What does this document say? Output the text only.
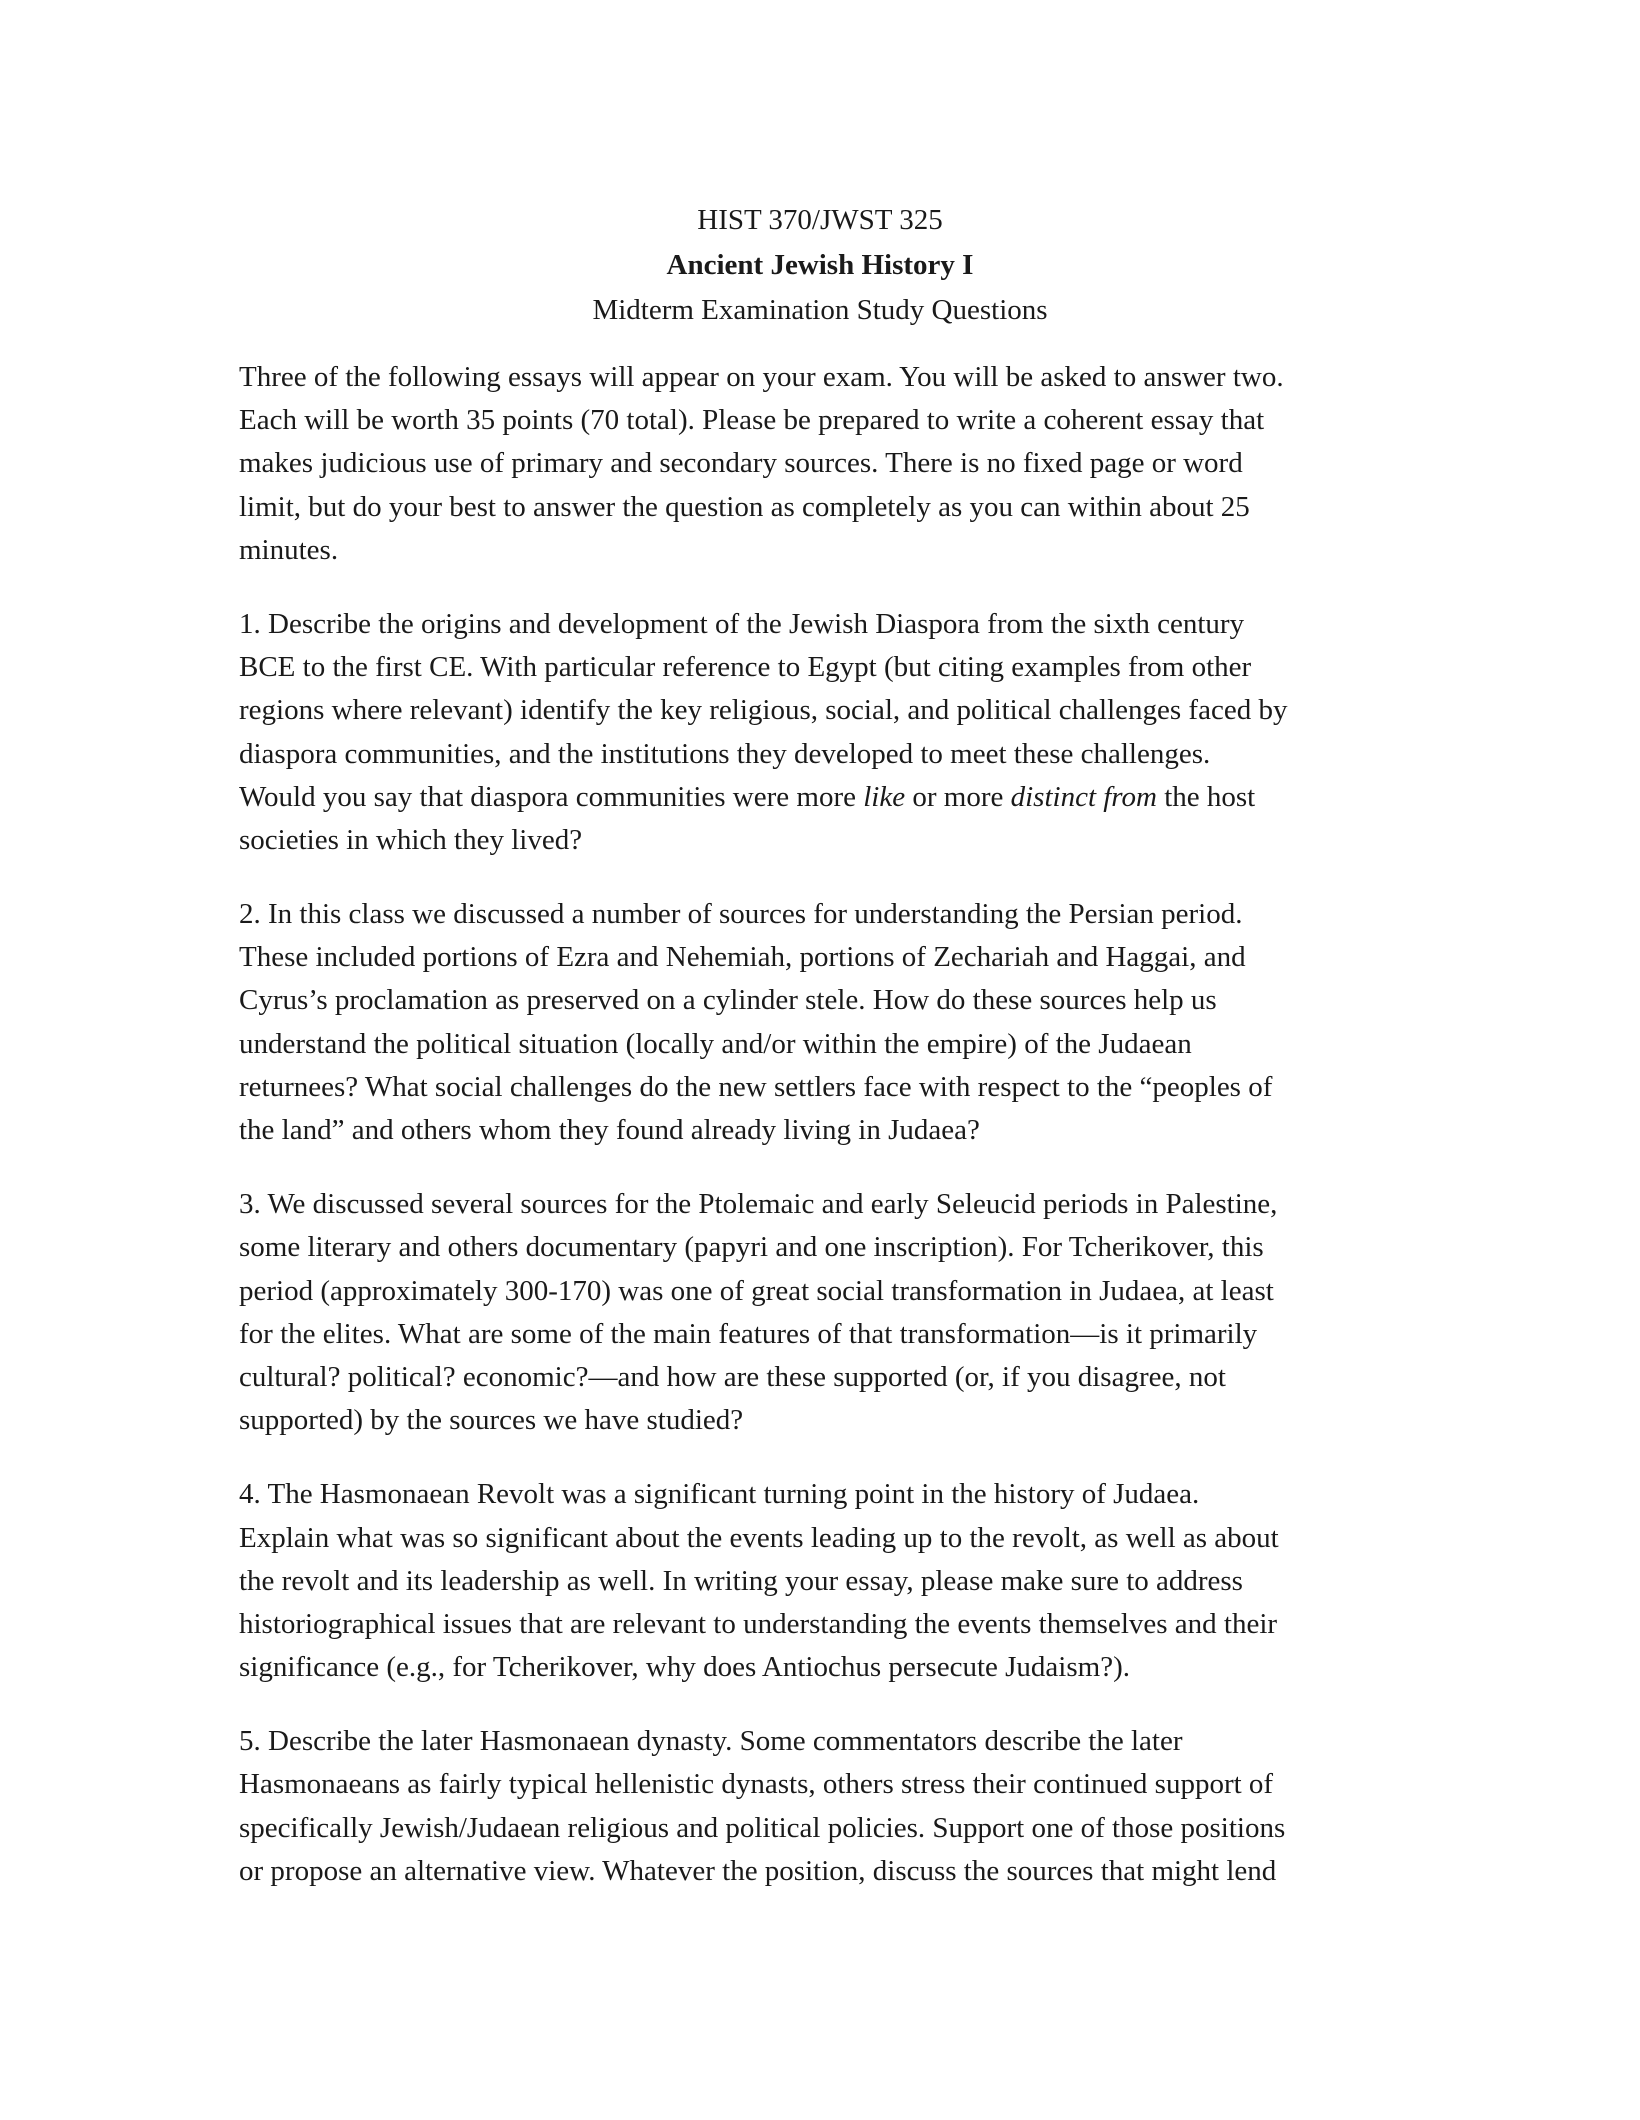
HIST 370/JWST 325
Ancient Jewish History I
Midterm Examination Study Questions
Three of the following essays will appear on your exam. You will be asked to answer two.
Each will be worth 35 points (70 total). Please be prepared to write a coherent essay that
makes judicious use of primary and secondary sources. There is no fixed page or word
limit, but do your best to answer the question as completely as you can within about 25
minutes.
1. Describe the origins and development of the Jewish Diaspora from the sixth century
BCE to the first CE. With particular reference to Egypt (but citing examples from other
regions where relevant) identify the key religious, social, and political challenges faced by
diaspora communities, and the institutions they developed to meet these challenges.
Would you say that diaspora communities were more like or more distinct from the host
societies in which they lived?
2. In this class we discussed a number of sources for understanding the Persian period.
These included portions of Ezra and Nehemiah, portions of Zechariah and Haggai, and
Cyrus’s proclamation as preserved on a cylinder stele. How do these sources help us
understand the political situation (locally and/or within the empire) of the Judaean
returnees? What social challenges do the new settlers face with respect to the “peoples of
the land” and others whom they found already living in Judaea?
3. We discussed several sources for the Ptolemaic and early Seleucid periods in Palestine,
some literary and others documentary (papyri and one inscription). For Tcherikover, this
period (approximately 300-170) was one of great social transformation in Judaea, at least
for the elites. What are some of the main features of that transformation—is it primarily
cultural? political? economic?—and how are these supported (or, if you disagree, not
supported) by the sources we have studied?
4. The Hasmonaean Revolt was a significant turning point in the history of Judaea.
Explain what was so significant about the events leading up to the revolt, as well as about
the revolt and its leadership as well. In writing your essay, please make sure to address
historiographical issues that are relevant to understanding the events themselves and their
significance (e.g., for Tcherikover, why does Antiochus persecute Judaism?).
5. Describe the later Hasmonaean dynasty. Some commentators describe the later
Hasmonaeans as fairly typical hellenistic dynasts, others stress their continued support of
specifically Jewish/Judaean religious and political policies. Support one of those positions
or propose an alternative view. Whatever the position, discuss the sources that might lend
